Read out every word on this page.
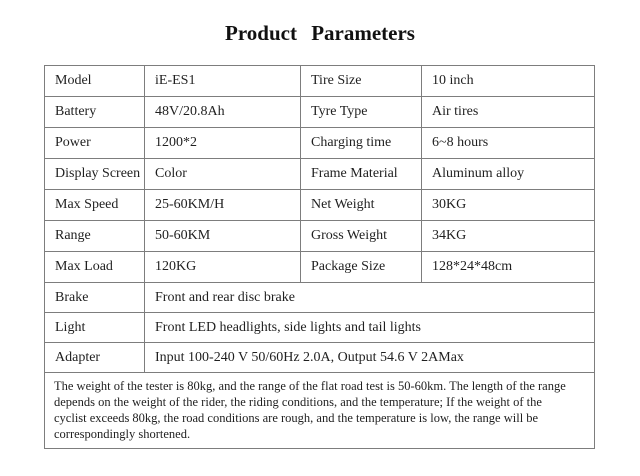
Product Parameters
Model	iE-ES1	Tire Size	10 inch
Battery	48V/20.8Ah	Tyre Type	Air tires
Power	1200*2	Charging time	6~8 hours
Display Screen	Color	Frame Material	Aluminum alloy
Max Speed	25-60KM/H	Net Weight	30KG
Range	50-60KM	Gross Weight	34KG
Max Load	120KG	Package Size	128*24*48cm
Brake	Front and rear disc brake		
Light	Front LED headlights, side lights and tail lights		
Adapter	Input 100-240 V 50/60Hz 2.0A, Output 54.6 V 2AMax		
The weight of the tester is 80kg, and the range of the flat road test is 50-60km. The length of the range depends on the weight of the rider, the riding conditions, and the temperature; If the weight of the cyclist exceeds 80kg, the road conditions are rough, and the temperature is low, the range will be correspondingly shortened.			
